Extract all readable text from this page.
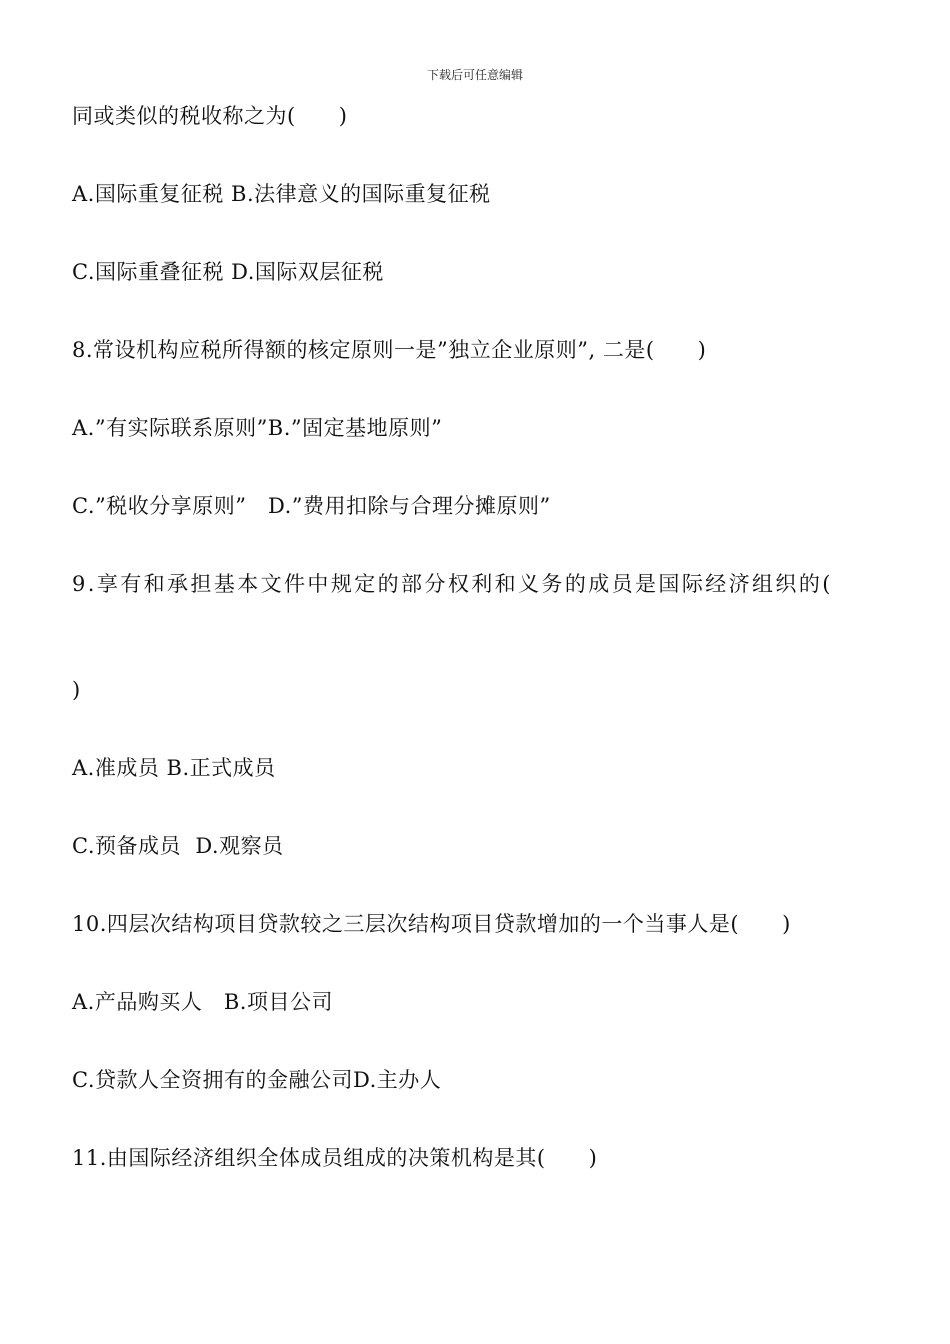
下载后可任意编辑
同或类似的税收称之为(      )
A.国际重复征税 B.法律意义的国际重复征税
C.国际重叠征税 D.国际双层征税
8.常设机构应税所得额的核定原则一是”独立企业原则”, 二是(      )
A.”有实际联系原则”B.”固定基地原则”
C.”税收分享原则”   D.”费用扣除与合理分摊原则”
9.享有和承担基本文件中规定的部分权利和义务的成员是国际经济组织的(
)
A.准成员 B.正式成员
C.预备成员  D.观察员
10.四层次结构项目贷款较之三层次结构项目贷款增加的一个当事人是(      )
A.产品购买人   B.项目公司
C.贷款人全资拥有的金融公司D.主办人
11.由国际经济组织全体成员组成的决策机构是其(      )
